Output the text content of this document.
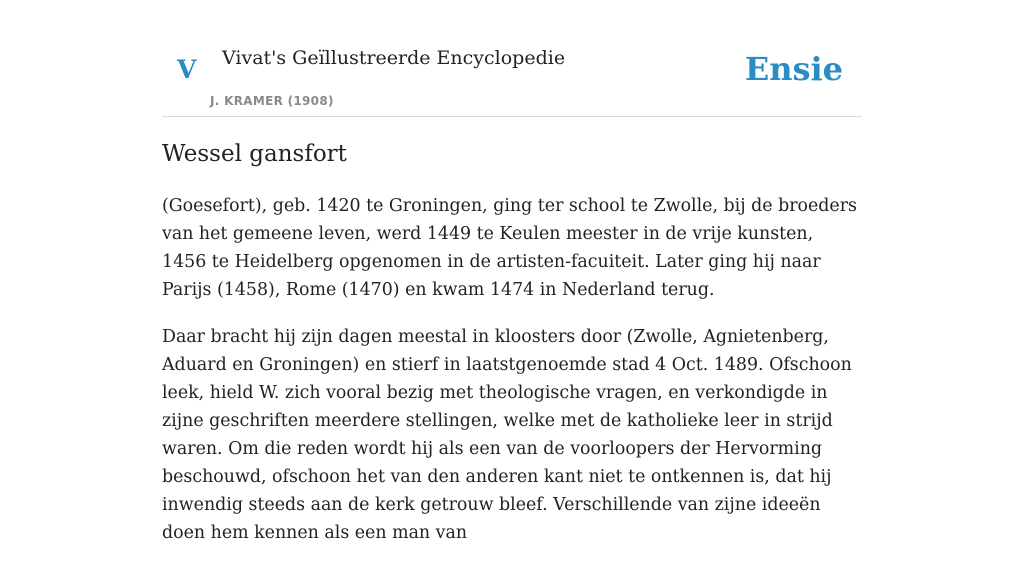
V Vivat's Geïllustreerde Encyclopedie
J. KRAMER (1908)
Ensie
Wessel gansfort

(Goesefort), geb. 1420 te Groningen, ging ter school te Zwolle, bij de broeders van het gemeene leven, werd 1449 te Keulen meester in de vrije kunsten, 1456 te Heidelberg opgenomen in de artisten-facuiteit. Later ging hij naar Parijs (1458), Rome (1470) en kwam 1474 in Nederland terug.

Daar bracht hij zijn dagen meestal in kloosters door (Zwolle, Agnietenberg, Aduard en Groningen) en stierf in laatstgenoemde stad 4 Oct. 1489. Ofschoon leek, hield W. zich vooral bezig met theologische vragen, en verkondigde in zijne geschriften meerdere stellingen, welke met de katholieke leer in strijd waren. Om die reden wordt hij als een van de voorloopers der Hervorming beschouwd, ofschoon het van den anderen kant niet te ontkennen is, dat hij inwendig steeds aan de kerk getrouw bleef. Verschillende van zijne ideeën doen hem kennen als een man van
